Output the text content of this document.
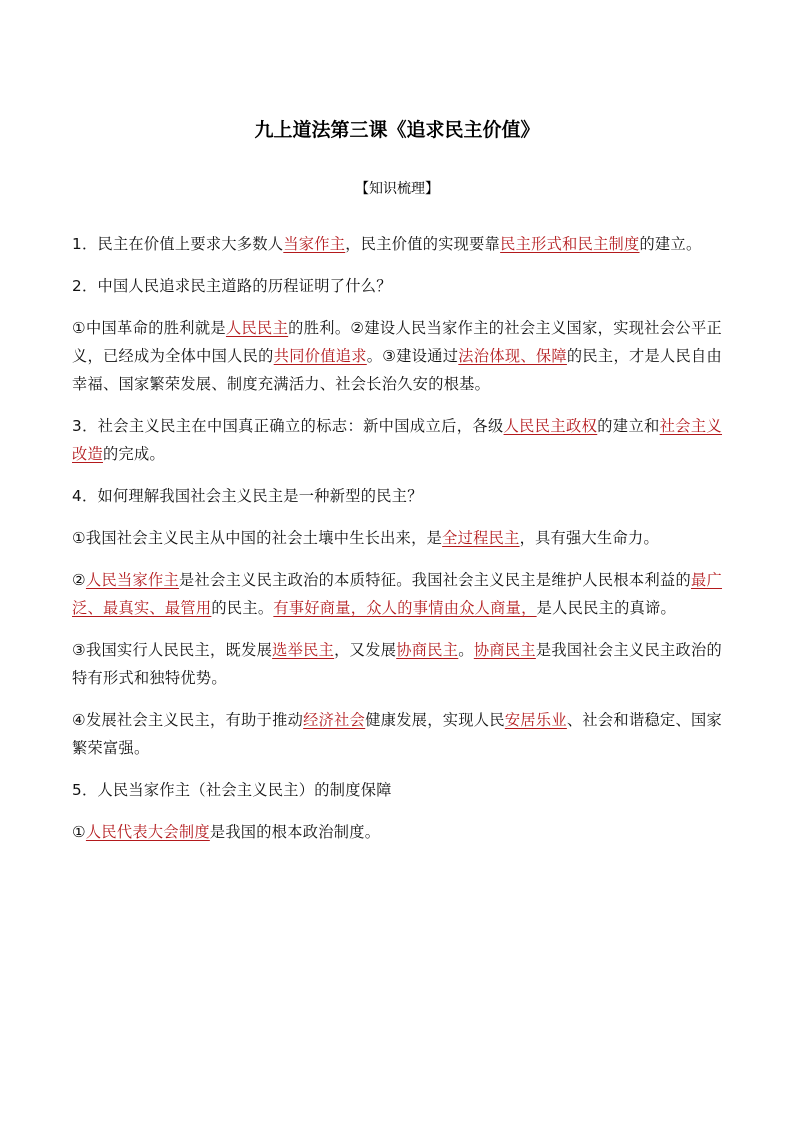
九上道法第三课《追求民主价值》
【知识梳理】

1．民主在价值上要求大多数人当家作主，民主价值的实现要靠民主形式和民主制度的建立。

2．中国人民追求民主道路的历程证明了什么？

①中国革命的胜利就是人民民主的胜利。②建设人民当家作主的社会主义国家，实现社会公平正义，已经成为全体中国人民的共同价值追求。③建设通过法治体现、保障的民主，才是人民自由幸福、国家繁荣发展、制度充满活力、社会长治久安的根基。

3．社会主义民主在中国真正确立的标志：新中国成立后，各级人民民主政权的建立和社会主义改造的完成。

4．如何理解我国社会主义民主是一种新型的民主？

①我国社会主义民主从中国的社会土壤中生长出来，是全过程民主，具有强大生命力。

②人民当家作主是社会主义民主政治的本质特征。我国社会主义民主是维护人民根本利益的最广泛、最真实、最管用的民主。有事好商量，众人的事情由众人商量，是人民民主的真谛。

③我国实行人民民主，既发展选举民主，又发展协商民主。协商民主是我国社会主义民主政治的特有形式和独特优势。

④发展社会主义民主，有助于推动经济社会健康发展，实现人民安居乐业、社会和谐稳定、国家繁荣富强。

5．人民当家作主（社会主义民主）的制度保障

①人民代表大会制度是我国的根本政治制度。
